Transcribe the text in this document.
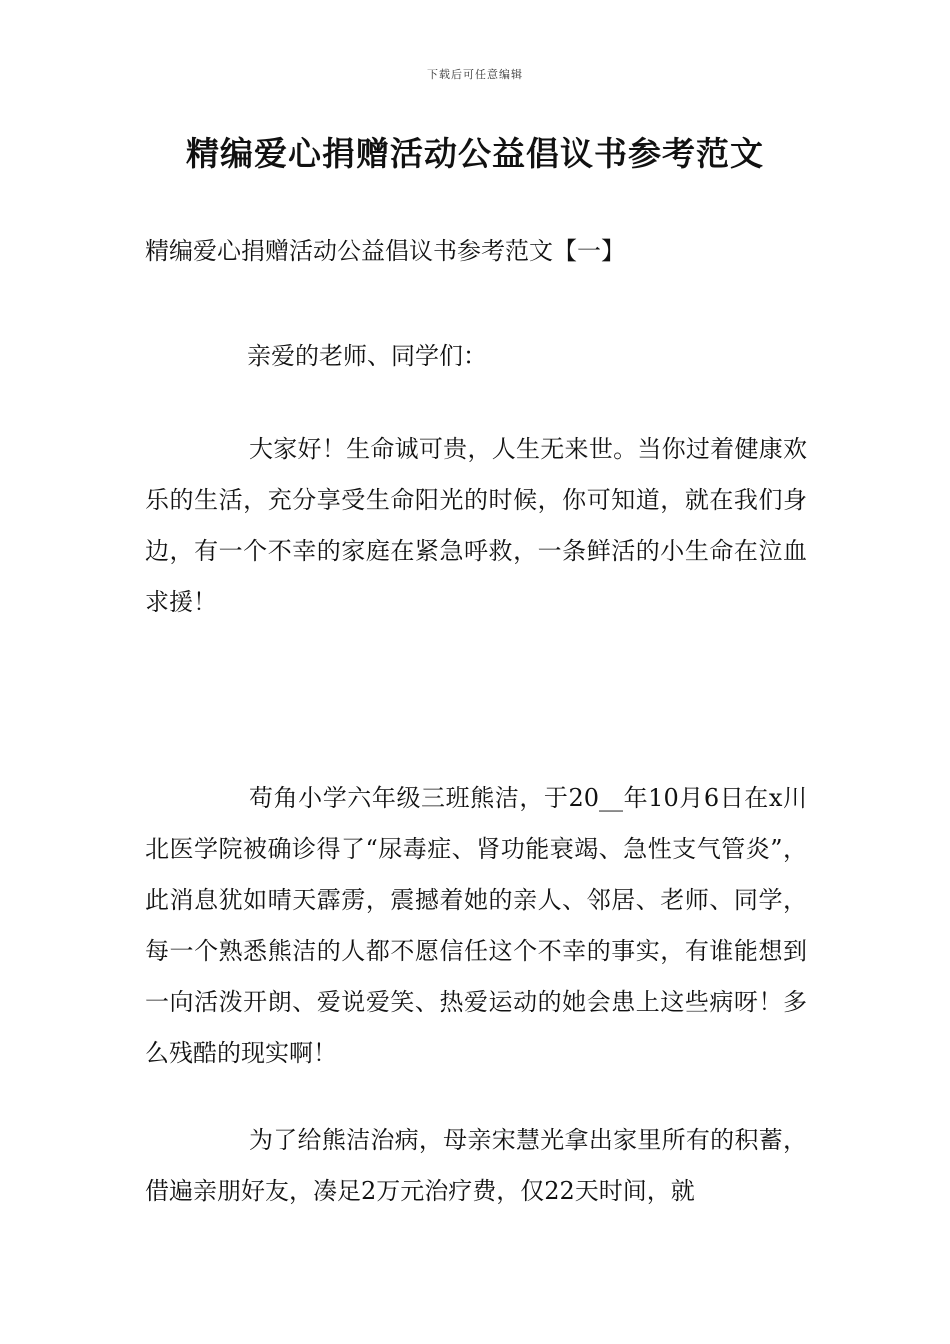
下载后可任意编辑
精编爱心捐赠活动公益倡议书参考范文
精编爱心捐赠活动公益倡议书参考范文【一】
亲爱的老师、同学们：

大家好！生命诚可贵，人生无来世。当你过着健康欢乐的生活，充分享受生命阳光的时候，你可知道，就在我们身边，有一个不幸的家庭在紧急呼救，一条鲜活的小生命在泣血求援！

苟角小学六年级三班熊洁，于20__年10月6日在x川北医学院被确诊得了“尿毒症、肾功能衰竭、急性支气管炎”，此消息犹如晴天霹雳，震撼着她的亲人、邻居、老师、同学，每一个熟悉熊洁的人都不愿信任这个不幸的事实，有谁能想到一向活泼开朗、爱说爱笑、热爱运动的她会患上这些病呀！多么残酷的现实啊！

为了给熊洁治病，母亲宋慧光拿出家里所有的积蓄，借遍亲朋好友，凑足2万元治疗费，仅22天时间，就
